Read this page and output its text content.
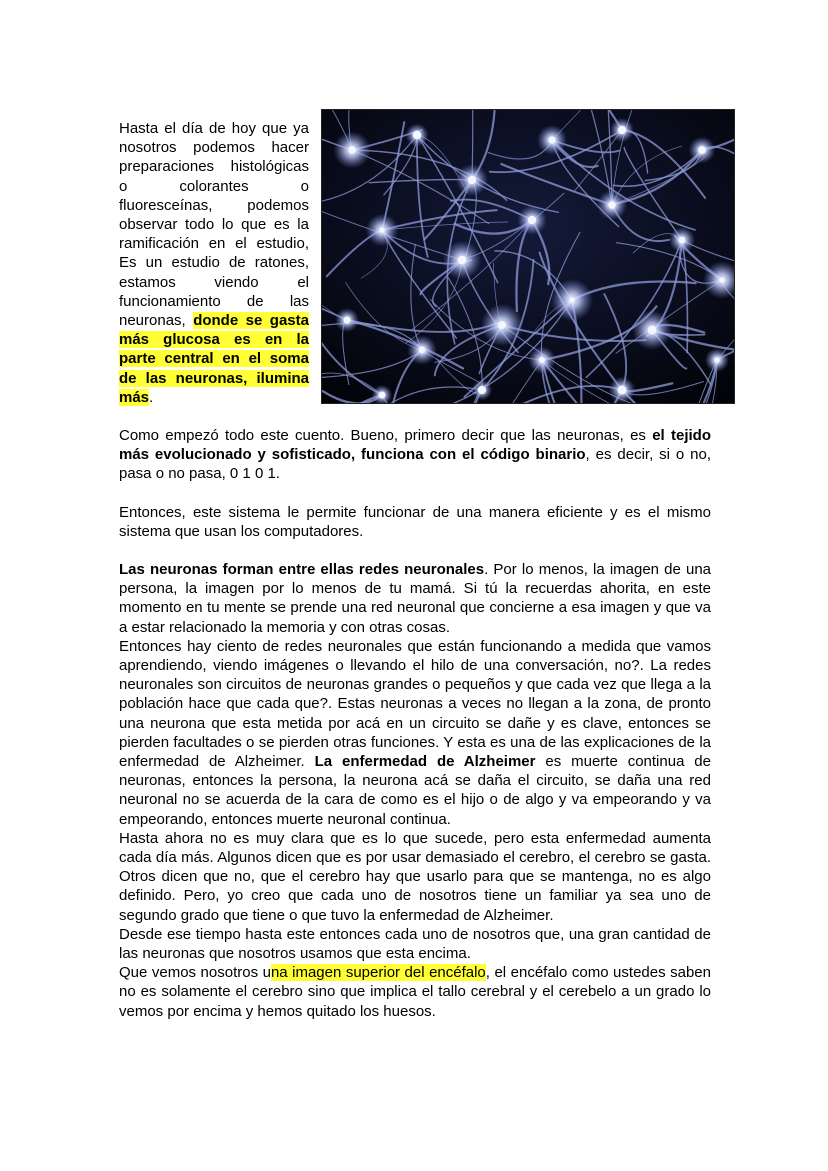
Hasta el día de hoy que ya nosotros podemos hacer preparaciones histológicas o colorantes o fluoresceínas, podemos observar todo lo que es la ramificación en el estudio, Es un estudio de ratones, estamos viendo el funcionamiento de las neuronas, donde se gasta más glucosa es en la parte central en el soma de las neuronas, ilumina más.

Como empezó todo este cuento. Bueno, primero decir que las neuronas, es el tejido más evolucionado y sofisticado, funciona con el código binario, es decir, si o no, pasa o no pasa, 0 1 0 1.

Entonces, este sistema le permite funcionar de una manera eficiente y es el mismo sistema que usan los computadores.

Las neuronas forman entre ellas redes neuronales. Por lo menos, la imagen de una persona, la imagen por lo menos de tu mamá. Si tú la recuerdas ahorita, en este momento en tu mente se prende una red neuronal que concierne a esa imagen y que va a estar relacionado la memoria y con otras cosas.

Entonces hay ciento de redes neuronales que están funcionando a medida que vamos aprendiendo, viendo imágenes o llevando el hilo de una conversación, no?. La redes neuronales son circuitos de neuronas grandes o pequeños y que cada vez que llega a la población hace que cada que?. Estas neuronas a veces no llegan a la zona, de pronto una neurona que esta metida por acá en un circuito se dañe y es clave, entonces se pierden facultades o se pierden otras funciones. Y esta es una de las explicaciones de la enfermedad de Alzheimer. La enfermedad de Alzheimer es muerte continua de neuronas, entonces la persona, la neurona acá se daña el circuito, se daña una red neuronal no se acuerda de la cara de como es el hijo o de algo y va empeorando y va empeorando, entonces muerte neuronal continua.

Hasta ahora no es muy clara que es lo que sucede, pero esta enfermedad aumenta cada día más. Algunos dicen que es por usar demasiado el cerebro, el cerebro se gasta. Otros dicen que no, que el cerebro hay que usarlo para que se mantenga, no es algo definido. Pero, yo creo que cada uno de nosotros tiene un familiar ya sea uno de segundo grado que tiene o que tuvo la enfermedad de Alzheimer.

Desde ese tiempo hasta este entonces cada uno de nosotros que, una gran cantidad de las neuronas que nosotros usamos que esta encima.

Que vemos nosotros una imagen superior del encéfalo, el encéfalo como ustedes saben no es solamente el cerebro sino que implica el tallo cerebral y el cerebelo a un grado lo vemos por encima y hemos quitado los huesos.
